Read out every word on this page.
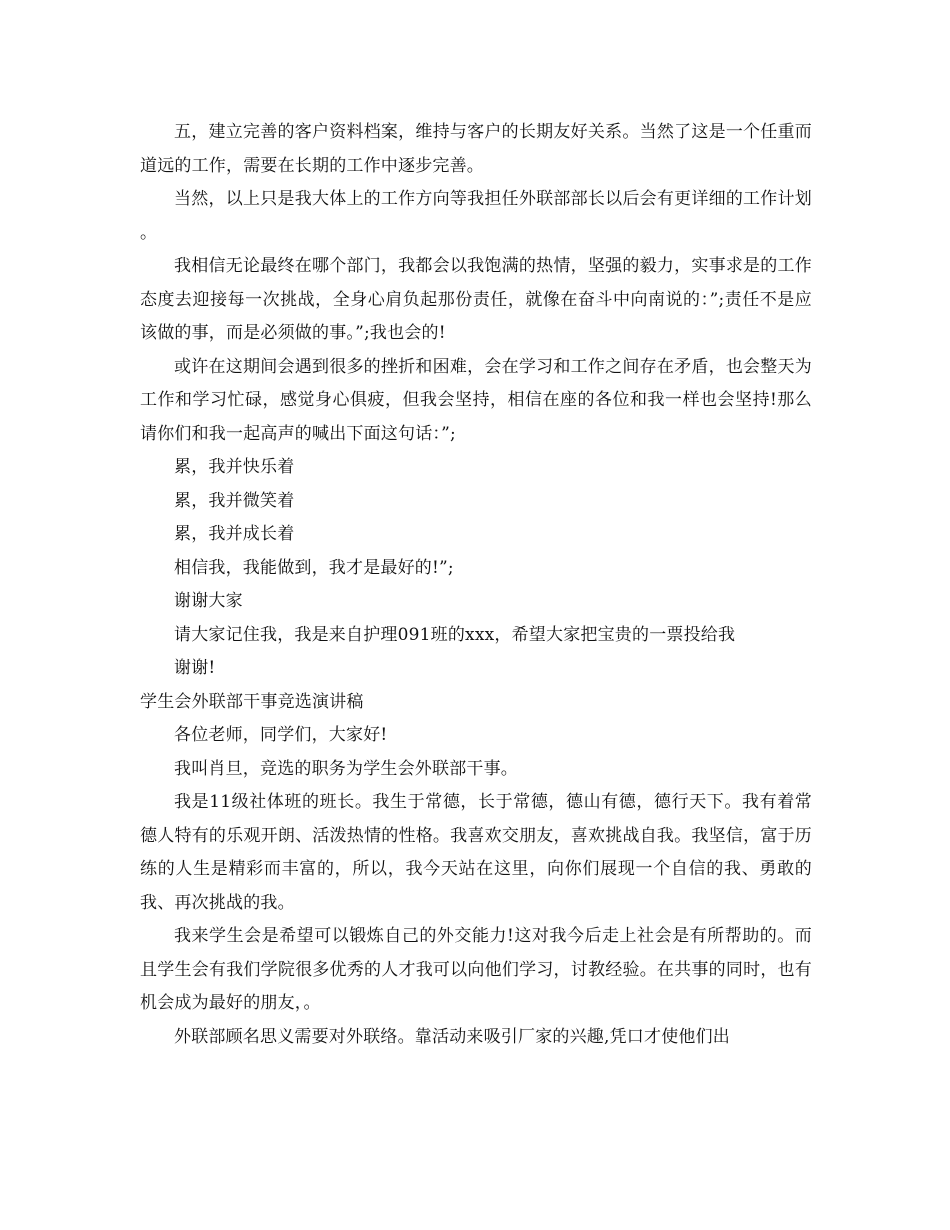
五，建立完善的客户资料档案，维持与客户的长期友好关系。当然了这是一个任重而道远的工作，需要在长期的工作中逐步完善。

当然，以上只是我大体上的工作方向等我担任外联部部长以后会有更详细的工作计划 。

我相信无论最终在哪个部门，我都会以我饱满的热情，坚强的毅力，实事求是的工作态度去迎接每一次挑战，全身心肩负起那份责任，就像在奋斗中向南说的：”;责任不是应该做的事，而是必须做的事。”;我也会的!

或许在这期间会遇到很多的挫折和困难，会在学习和工作之间存在矛盾，也会整天为工作和学习忙碌，感觉身心俱疲，但我会坚持，相信在座的各位和我一样也会坚持!那么请你们和我一起高声的喊出下面这句话：”;

累，我并快乐着

累，我并微笑着

累，我并成长着

相信我，我能做到，我才是最好的!”;

谢谢大家

请大家记住我，我是来自护理091班的xxx，希望大家把宝贵的一票投给我

谢谢!

学生会外联部干事竞选演讲稿

各位老师，同学们，大家好!

我叫肖旦，竞选的职务为学生会外联部干事。

我是11级社体班的班长。我生于常德，长于常德，德山有德，德行天下。我有着常德人特有的乐观开朗、活泼热情的性格。我喜欢交朋友，喜欢挑战自我。我坚信，富于历练的人生是精彩而丰富的，所以，我今天站在这里，向你们展现一个自信的我、勇敢的我、再次挑战的我。

我来学生会是希望可以锻炼自己的外交能力!这对我今后走上社会是有所帮助的。而且学生会有我们学院很多优秀的人才我可以向他们学习，讨教经验。在共事的同时，也有机会成为最好的朋友，。

外联部顾名思义需要对外联络。靠活动来吸引厂家的兴趣,凭口才使他们出
